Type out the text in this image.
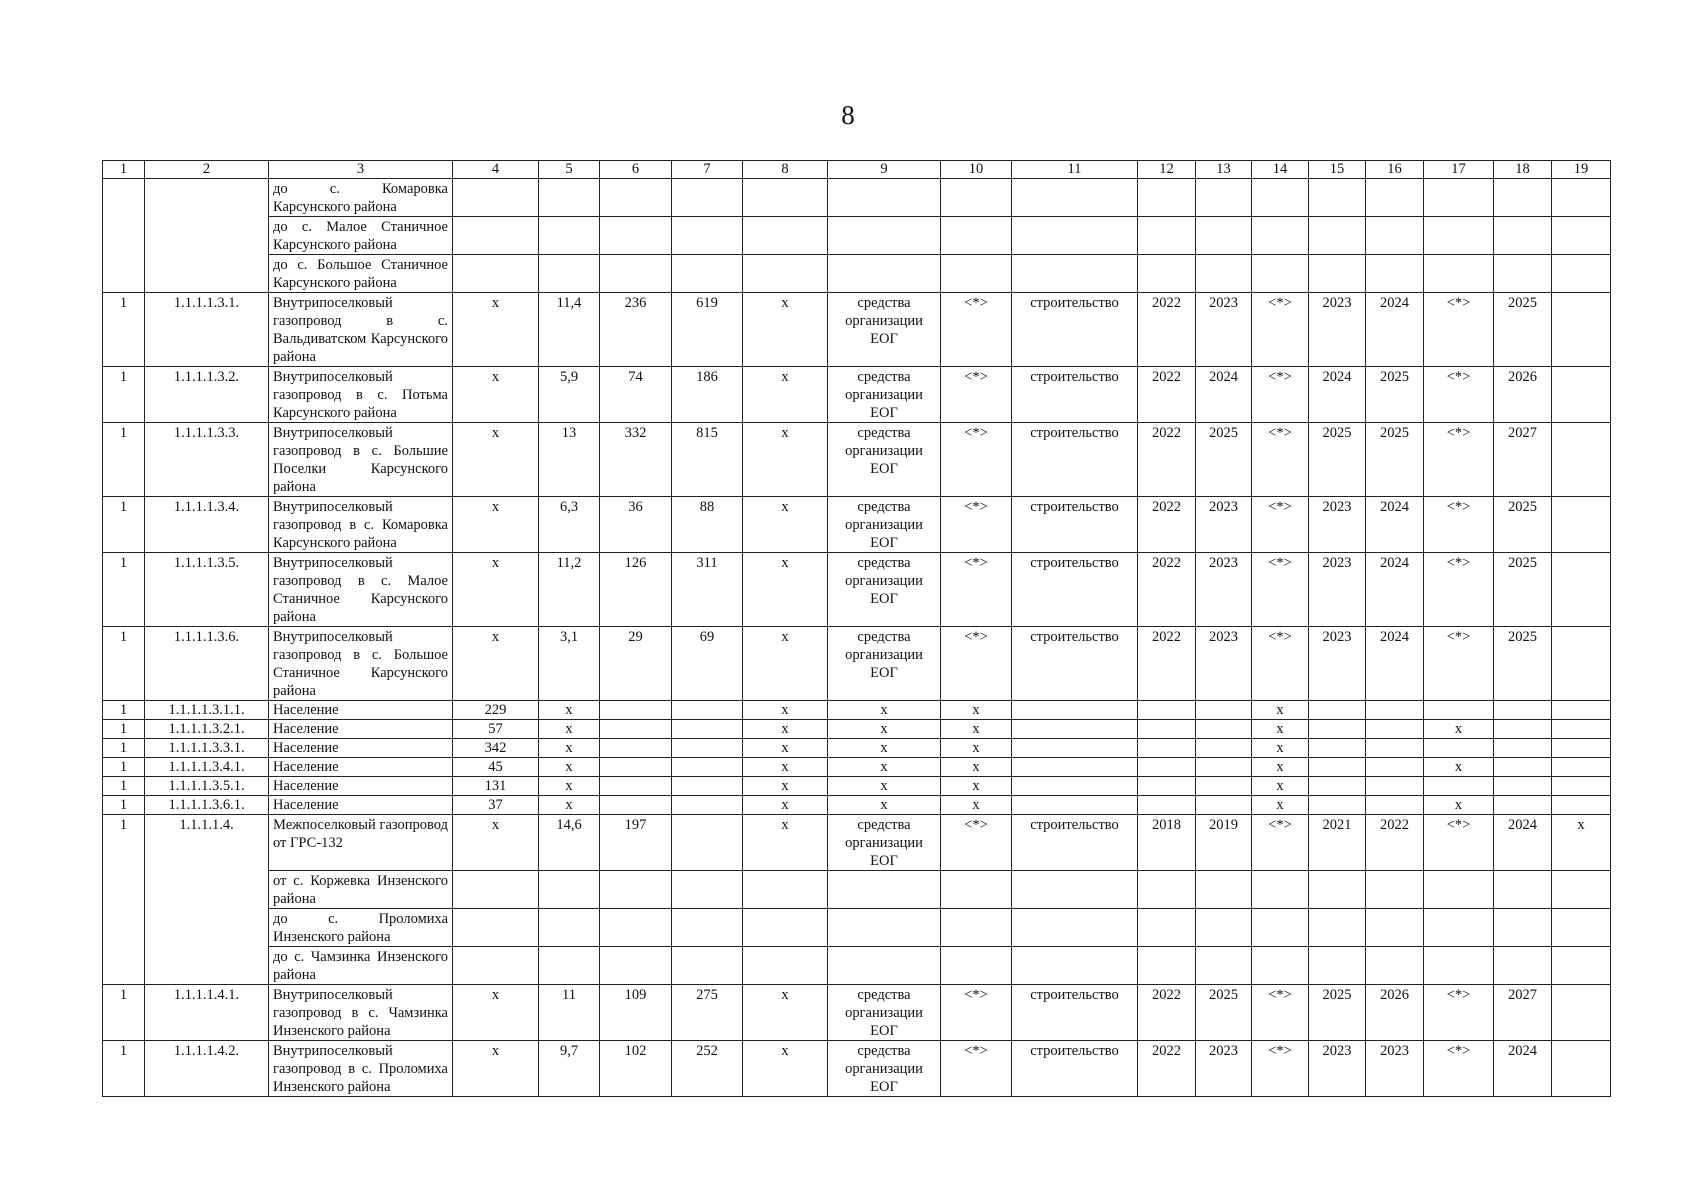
8
1	2	3	4	5	6	7	8	9	10	11	12	13	14	15	16	17	18	19
		до с. Комаровка Карсунского района																
		до с. Малое Станичное Карсунского района																
		до с. Большое Станичное Карсунского района																
1	1.1.1.1.3.1.	Внутрипоселковый газопровод в с. Вальдиватском Карсунского района	х	11,4	236	619	х	средства организации ЕОГ	<*>	строительство	2022	2023	<*>	2023	2024	<*>	2025	
1	1.1.1.1.3.2.	Внутрипоселковый газопровод в с. Потьма Карсунского района	х	5,9	74	186	х	средства организации ЕОГ	<*>	строительство	2022	2024	<*>	2024	2025	<*>	2026	
1	1.1.1.1.3.3.	Внутрипоселковый газопровод в с. Большие Поселки Карсунского района	х	13	332	815	х	средства организации ЕОГ	<*>	строительство	2022	2025	<*>	2025	2025	<*>	2027	
1	1.1.1.1.3.4.	Внутрипоселковый газопровод в с. Комаровка Карсунского района	х	6,3	36	88	х	средства организации ЕОГ	<*>	строительство	2022	2023	<*>	2023	2024	<*>	2025	
1	1.1.1.1.3.5.	Внутрипоселковый газопровод в с. Малое Станичное Карсунского района	х	11,2	126	311	х	средства организации ЕОГ	<*>	строительство	2022	2023	<*>	2023	2024	<*>	2025	
1	1.1.1.1.3.6.	Внутрипоселковый газопровод в с. Большое Станичное Карсунского района	х	3,1	29	69	х	средства организации ЕОГ	<*>	строительство	2022	2023	<*>	2023	2024	<*>	2025	
1	1.1.1.1.3.1.1.	Население	229	х			х	х	х				х					
1	1.1.1.1.3.2.1.	Население	57	х			х	х	х				х			х		
1	1.1.1.1.3.3.1.	Население	342	х			х	х	х				х					
1	1.1.1.1.3.4.1.	Население	45	х			х	х	х				х			х		
1	1.1.1.1.3.5.1.	Население	131	х			х	х	х				х					
1	1.1.1.1.3.6.1.	Население	37	х			х	х	х				х			х		
1	1.1.1.1.4.	Межпоселковый газопровод от ГРС-132	х	14,6	197		х	средства организации ЕОГ	<*>	строительство	2018	2019	<*>	2021	2022	<*>	2024	х
		от с. Коржевка Инзенского района																
		до с. Проломиха Инзенского района																
		до с. Чамзинка Инзенского района																
1	1.1.1.1.4.1.	Внутрипоселковый газопровод в с. Чамзинка Инзенского района	х	11	109	275	х	средства организации ЕОГ	<*>	строительство	2022	2025	<*>	2025	2026	<*>	2027	
1	1.1.1.1.4.2.	Внутрипоселковый газопровод в с. Проломиха Инзенского района	х	9,7	102	252	х	средства организации ЕОГ	<*>	строительство	2022	2023	<*>	2023	2023	<*>	2024	
